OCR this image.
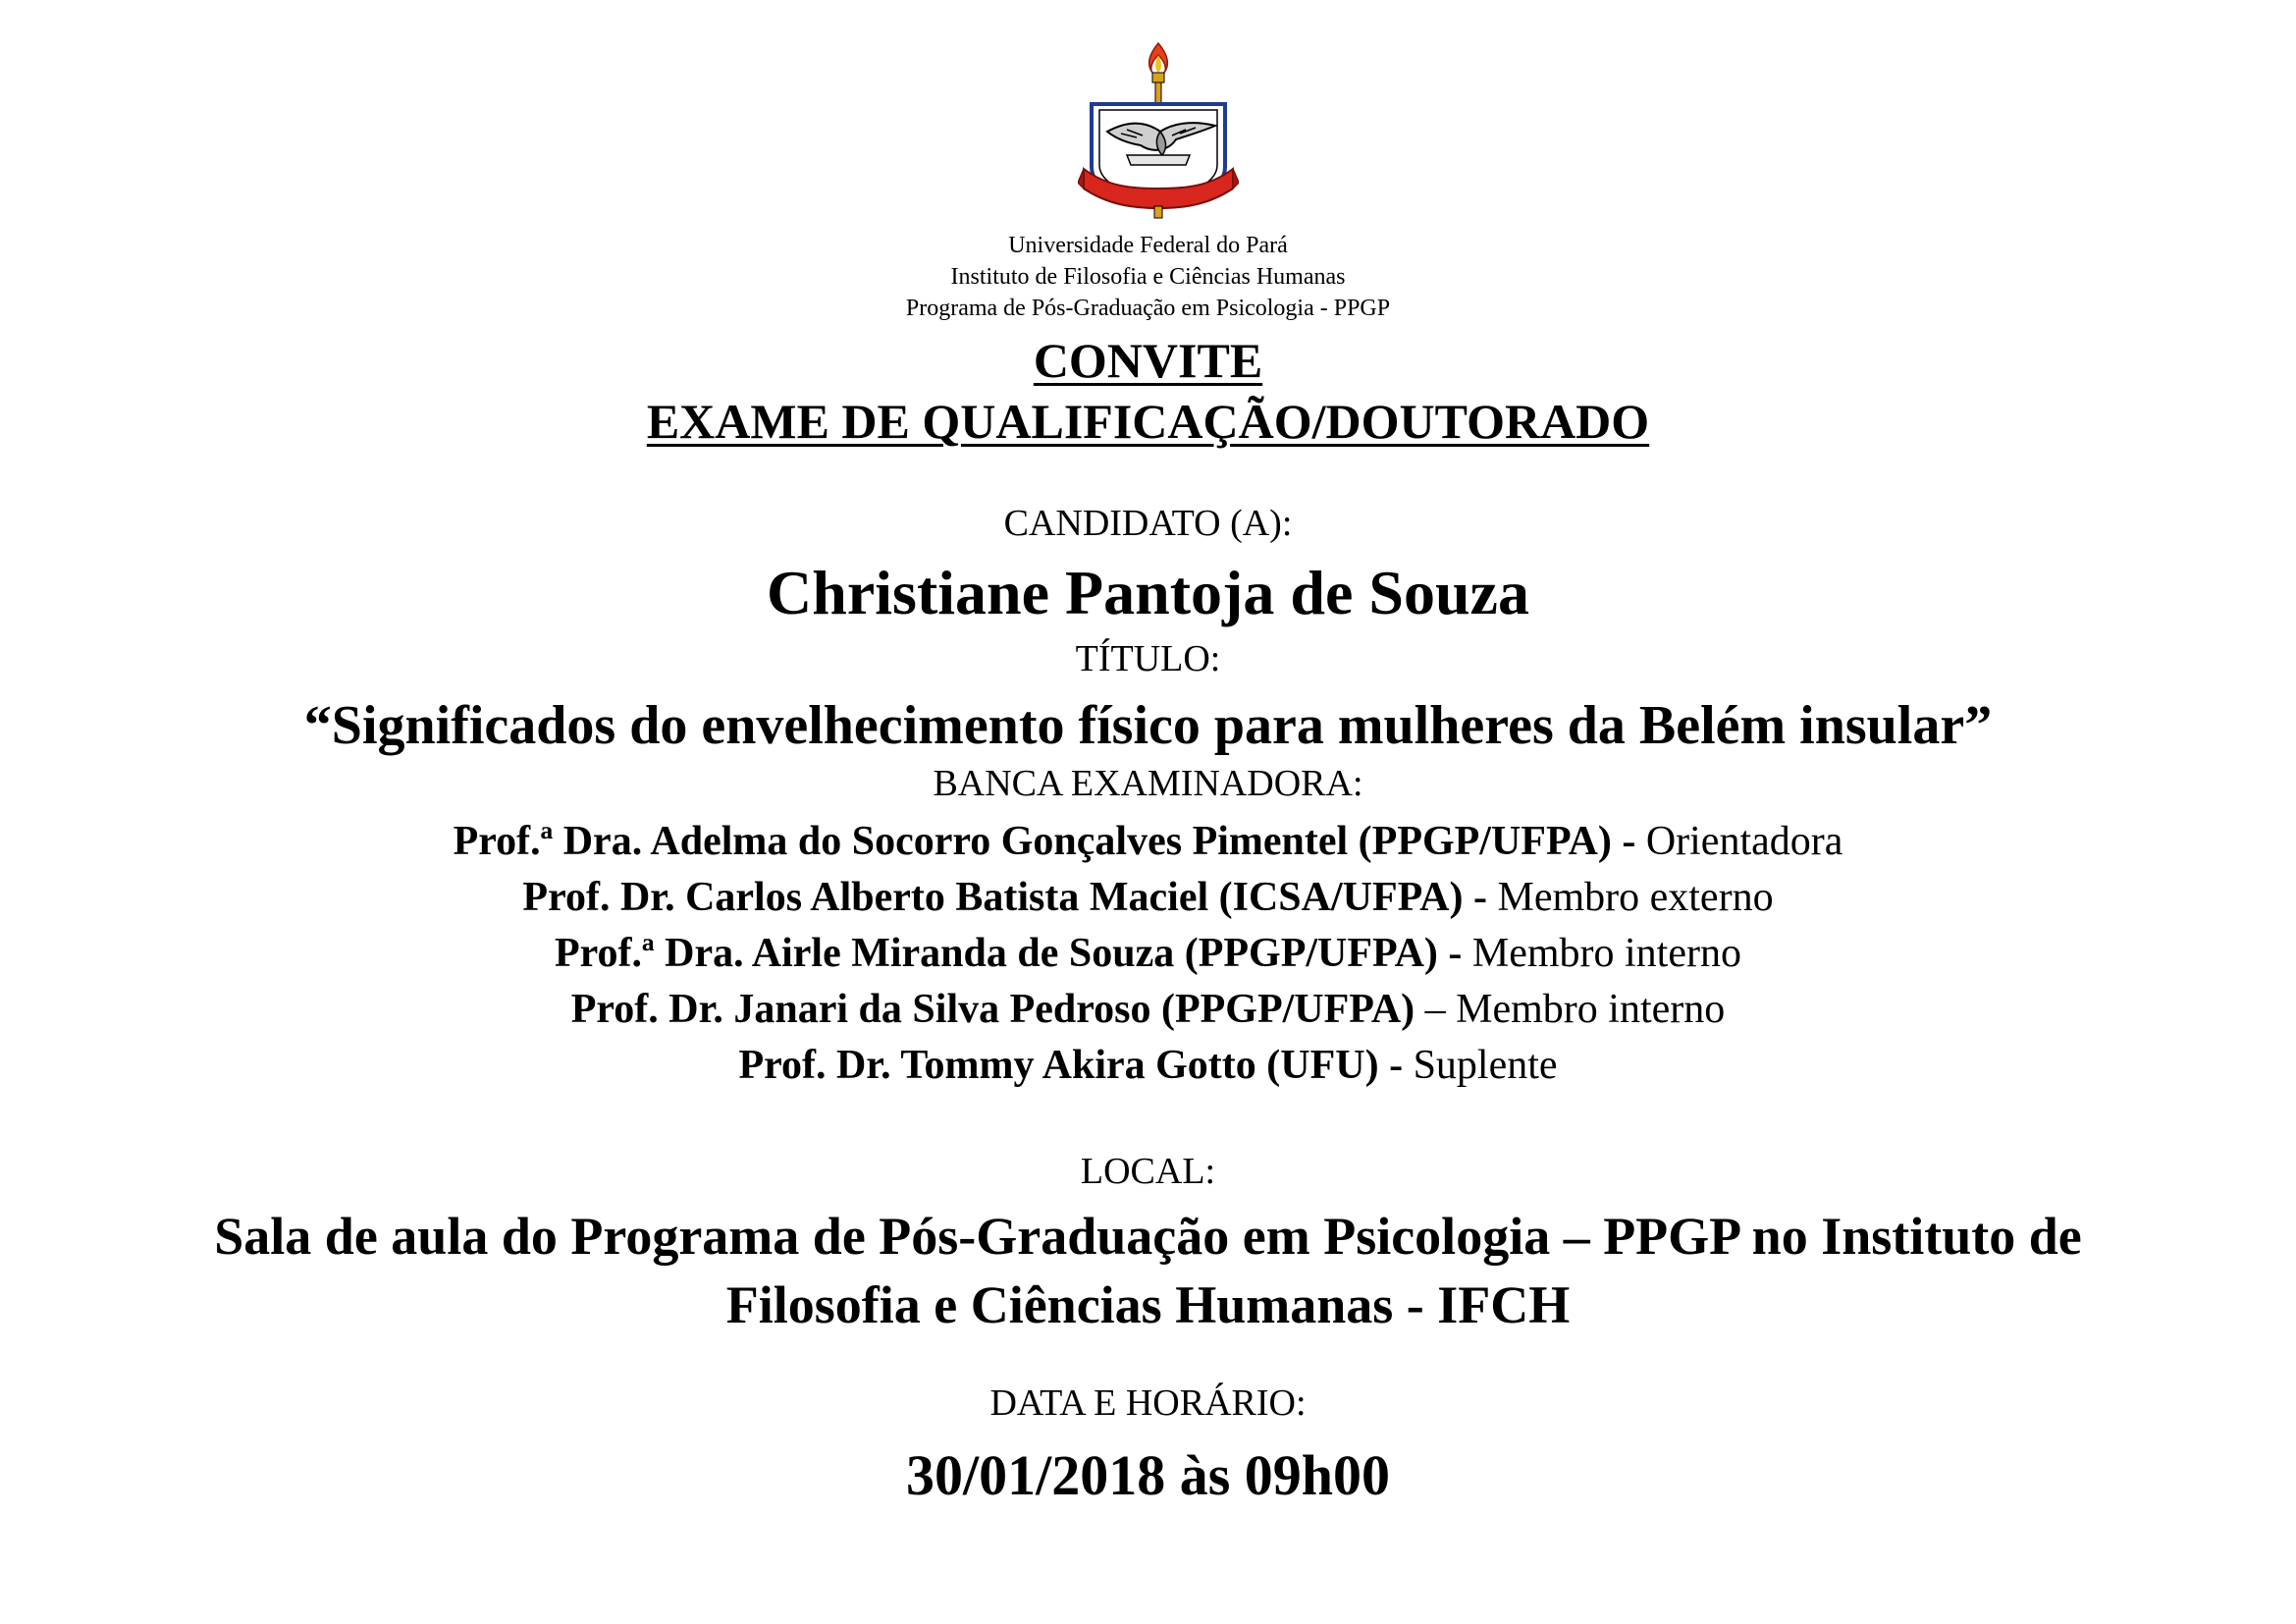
Universidade Federal do Pará

Instituto de Filosofia e Ciências Humanas

Programa de Pós-Graduação em Psicologia - PPGP

CONVITE

EXAME DE QUALIFICAÇÃO/DOUTORADO

CANDIDATO (A):

Christiane Pantoja de Souza

TÍTULO:

“Significados do envelhecimento físico para mulheres da Belém insular”

BANCA EXAMINADORA:

Prof.ª Dra. Adelma do Socorro Gonçalves Pimentel (PPGP/UFPA) - Orientadora

Prof. Dr. Carlos Alberto Batista Maciel (ICSA/UFPA) - Membro externo

Prof.ª Dra. Airle Miranda de Souza (PPGP/UFPA) - Membro interno

Prof. Dr. Janari da Silva Pedroso (PPGP/UFPA) – Membro interno

Prof. Dr. Tommy Akira Gotto (UFU) - Suplente

LOCAL:

Sala de aula do Programa de Pós-Graduação em Psicologia – PPGP no Instituto de

Filosofia e Ciências Humanas - IFCH

DATA E HORÁRIO:

30/01/2018 às 09h00
